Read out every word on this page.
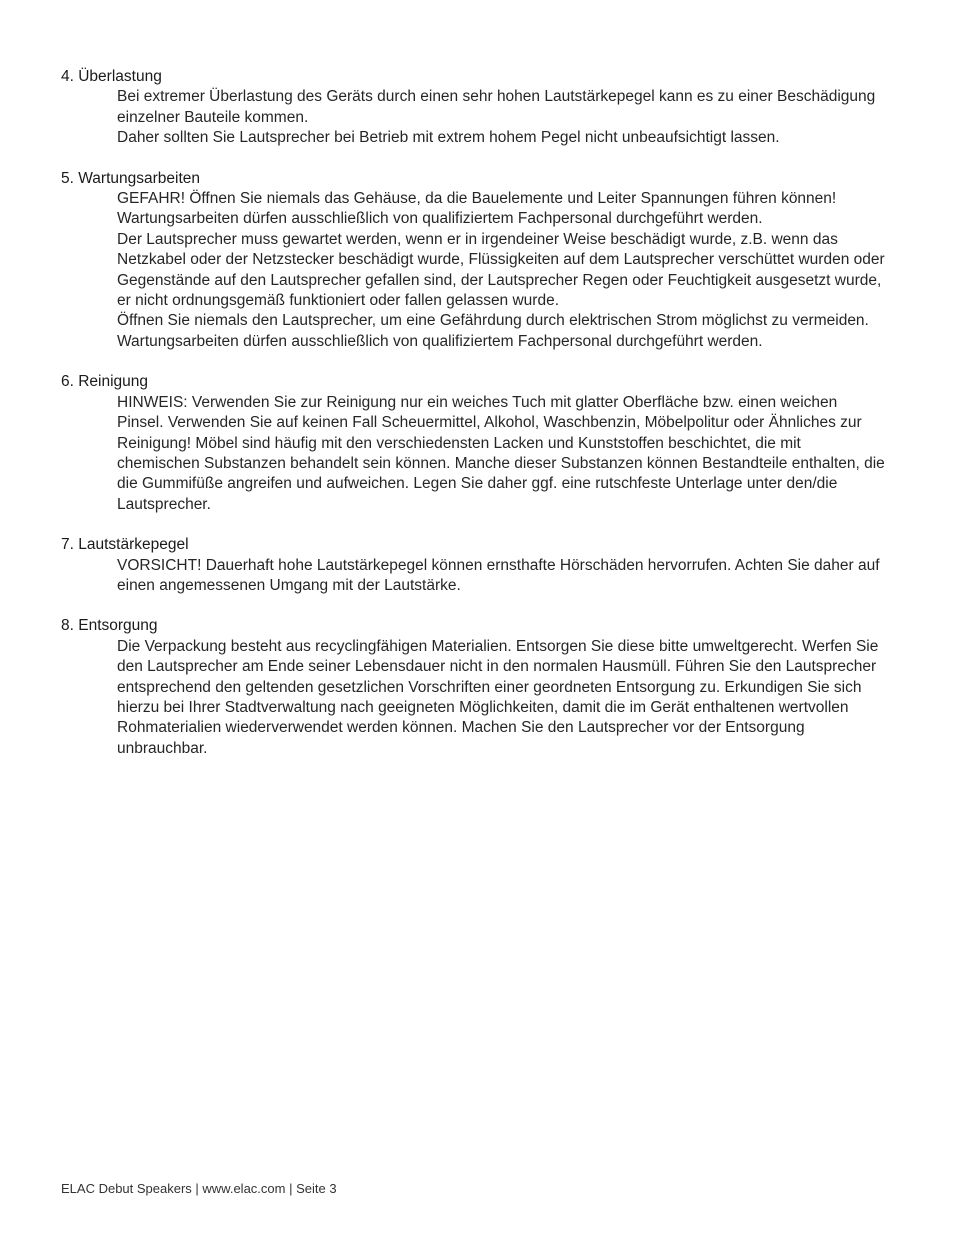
4. Überlastung
Bei extremer Überlastung des Geräts durch einen sehr hohen Lautstärkepegel kann es zu einer Beschädigung einzelner Bauteile kommen.
Daher sollten Sie Lautsprecher bei Betrieb mit extrem hohem Pegel nicht unbeaufsichtigt lassen.
5. Wartungsarbeiten
GEFAHR! Öffnen Sie niemals das Gehäuse, da die Bauelemente und Leiter Spannungen führen können!
Wartungsarbeiten dürfen ausschließlich von qualifiziertem Fachpersonal durchgeführt werden.
Der Lautsprecher muss gewartet werden, wenn er in irgendeiner Weise beschädigt wurde, z.B. wenn das Netzkabel oder der Netzstecker beschädigt wurde, Flüssigkeiten auf dem Lautsprecher verschüttet wurden oder Gegenstände auf den Lautsprecher gefallen sind, der Lautsprecher Regen oder Feuchtigkeit ausgesetzt wurde, er nicht ordnungsgemäß funktioniert oder fallen gelassen wurde.
Öffnen Sie niemals den Lautsprecher, um eine Gefährdung durch elektrischen Strom möglichst zu vermeiden. Wartungsarbeiten dürfen ausschließlich von qualifiziertem Fachpersonal durchgeführt werden.
6. Reinigung
HINWEIS: Verwenden Sie zur Reinigung nur ein weiches Tuch mit glatter Oberfläche bzw. einen weichen Pinsel. Verwenden Sie auf keinen Fall Scheuermittel, Alkohol, Waschbenzin, Möbelpolitur oder Ähnliches zur Reinigung! Möbel sind häufig mit den verschiedensten Lacken und Kunststoffen beschichtet, die mit chemischen Substanzen behandelt sein können. Manche dieser Substanzen können Bestandteile enthalten, die die Gummifüße angreifen und aufweichen. Legen Sie daher ggf. eine rutschfeste Unterlage unter den/die Lautsprecher.
7. Lautstärkepegel
VORSICHT! Dauerhaft hohe Lautstärkepegel können ernsthafte Hörschäden hervorrufen. Achten Sie daher auf einen angemessenen Umgang mit der Lautstärke.
8. Entsorgung
Die Verpackung besteht aus recyclingfähigen Materialien. Entsorgen Sie diese bitte umweltgerecht. Werfen Sie den Lautsprecher am Ende seiner Lebensdauer nicht in den normalen Hausmüll. Führen Sie den Lautsprecher entsprechend den geltenden gesetzlichen Vorschriften einer geordneten Entsorgung zu. Erkundigen Sie sich hierzu bei Ihrer Stadtverwaltung nach geeigneten Möglichkeiten, damit die im Gerät enthaltenen wertvollen Rohmaterialien wiederverwendet werden können. Machen Sie den Lautsprecher vor der Entsorgung unbrauchbar.
ELAC Debut Speakers | www.elac.com | Seite 3
